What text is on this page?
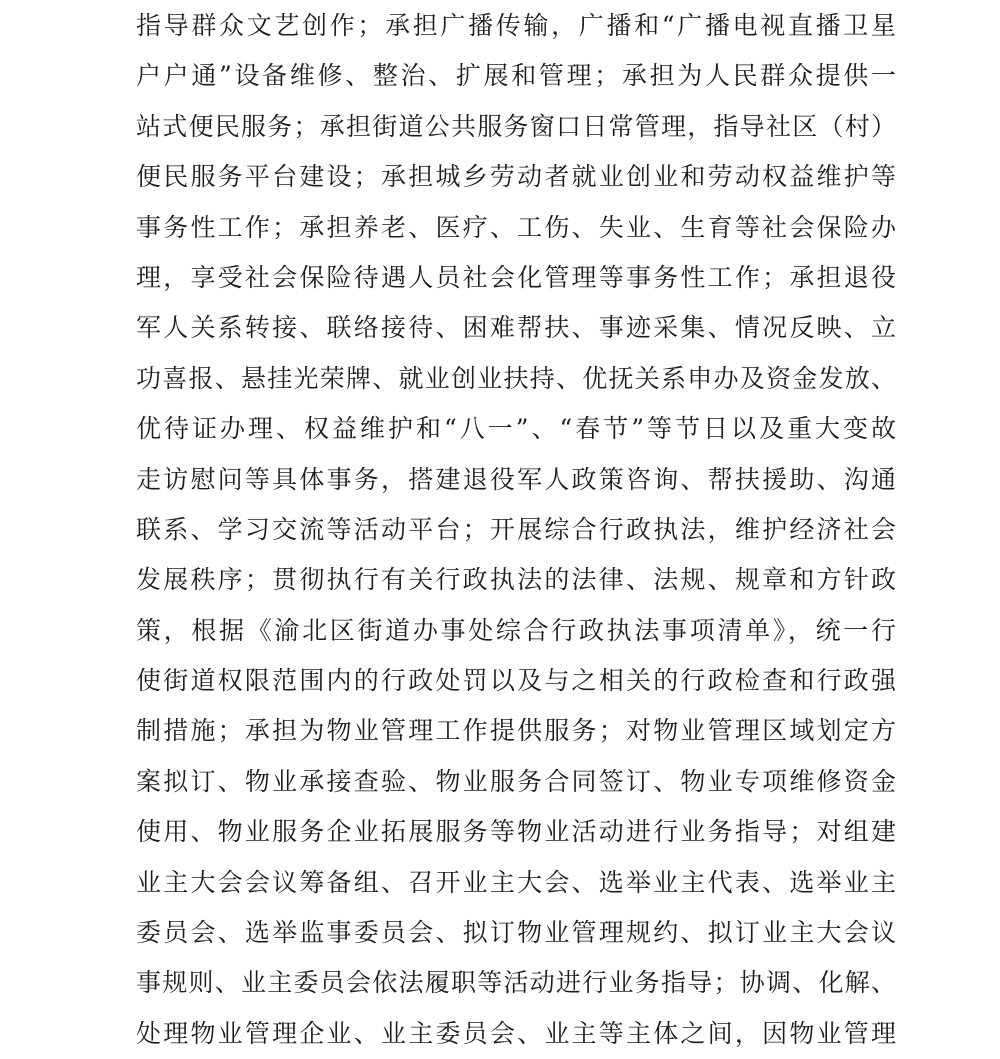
指导群众文艺创作；承担广播传输，广播和“广播电视直播卫星
户户通”设备维修、整治、扩展和管理；承担为人民群众提供一
站式便民服务；承担街道公共服务窗口日常管理，指导社区（村）
便民服务平台建设；承担城乡劳动者就业创业和劳动权益维护等
事务性工作；承担养老、医疗、工伤、失业、生育等社会保险办
理，享受社会保险待遇人员社会化管理等事务性工作；承担退役
军人关系转接、联络接待、困难帮扶、事迹采集、情况反映、立
功喜报、悬挂光荣牌、就业创业扶持、优抚关系申办及资金发放、
优待证办理、权益维护和“八一”、“春节”等节日以及重大变故
走访慰问等具体事务，搭建退役军人政策咨询、帮扶援助、沟通
联系、学习交流等活动平台；开展综合行政执法，维护经济社会
发展秩序；贯彻执行有关行政执法的法律、法规、规章和方针政
策，根据《渝北区街道办事处综合行政执法事项清单》，统一行
使街道权限范围内的行政处罚以及与之相关的行政检查和行政强
制措施；承担为物业管理工作提供服务；对物业管理区域划定方
案拟订、物业承接查验、物业服务合同签订、物业专项维修资金
使用、物业服务企业拓展服务等物业活动进行业务指导；对组建
业主大会会议筹备组、召开业主大会、选举业主代表、选举业主
委员会、选举监事委员会、拟订物业管理规约、拟订业主大会议
事规则、业主委员会依法履职等活动进行业务指导；协调、化解、
处理物业管理企业、业主委员会、业主等主体之间，因物业管理
